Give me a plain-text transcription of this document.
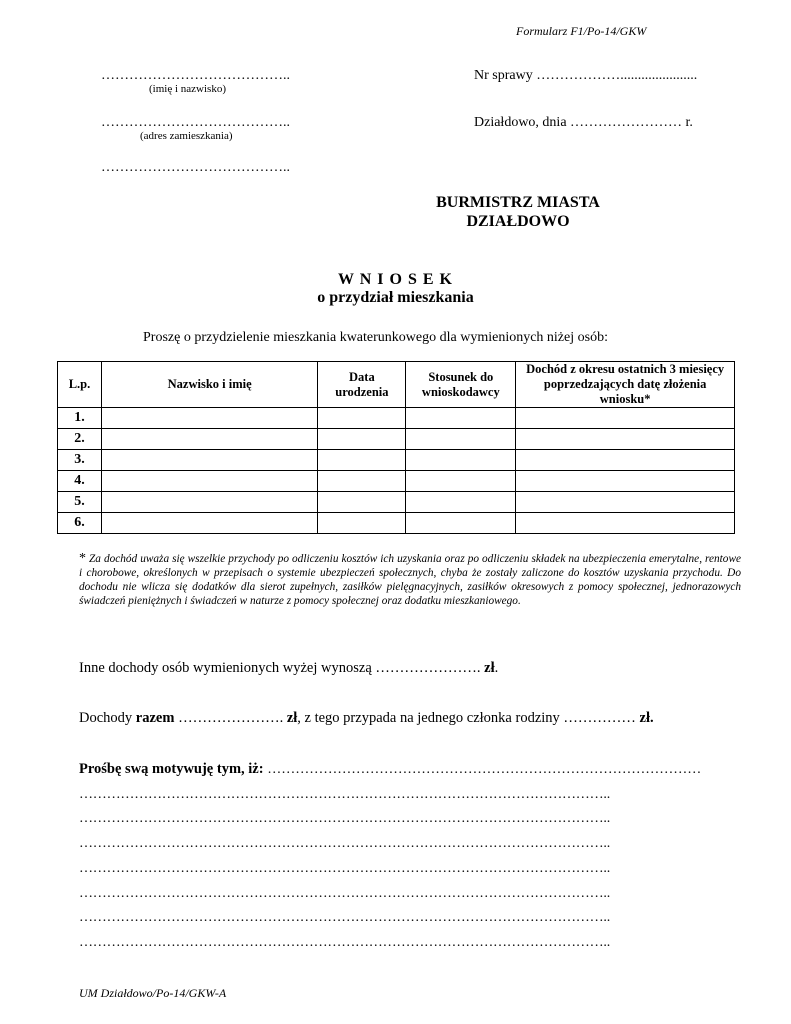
Formularz F1/Po-14/GKW
…………………………………..
(imię i nazwisko)
…………………………………..
(adres zamieszkania)
…………………………………..
Nr sprawy ………………......................
Działdowo, dnia …………………… r.
BURMISTRZ MIASTA
DZIAŁDOWO
W N I O S E K
o przydział mieszkania
Proszę o przydzielenie mieszkania kwaterunkowego dla wymienionych niżej osób:
L.p.	Nazwisko i imię	Data urodzenia	Stosunek do wnioskodawcy	Dochód z okresu ostatnich 3 miesięcy poprzedzających datę złożenia wniosku*
1.				
2.				
3.				
4.				
5.				
6.				
* Za dochód uważa się wszelkie przychody po odliczeniu kosztów ich uzyskania oraz po odliczeniu składek na ubezpieczenia emerytalne, rentowe i chorobowe, określonych w przepisach o systemie ubezpieczeń społecznych, chyba że zostały zaliczone do kosztów uzyskania przychodu. Do dochodu nie wlicza się dodatków dla sierot zupełnych, zasiłków pielęgnacyjnych, zasiłków okresowych z pomocy społecznej, jednorazowych świadczeń pieniężnych i świadczeń w naturze z pomocy społecznej oraz dodatku mieszkaniowego.
Inne dochody osób wymienionych wyżej wynoszą …………………. zł.
Dochody razem …………………. zł, z tego przypada na jednego członka rodziny …………… zł.
Prośbę swą motywuję tym, iż: …………………………………………………………………………………
……………………………………………………………………………………………………..
……………………………………………………………………………………………………..
……………………………………………………………………………………………………..
……………………………………………………………………………………………………..
……………………………………………………………………………………………………..
……………………………………………………………………………………………………..
……………………………………………………………………………………………………..
UM Działdowo/Po-14/GKW-A
